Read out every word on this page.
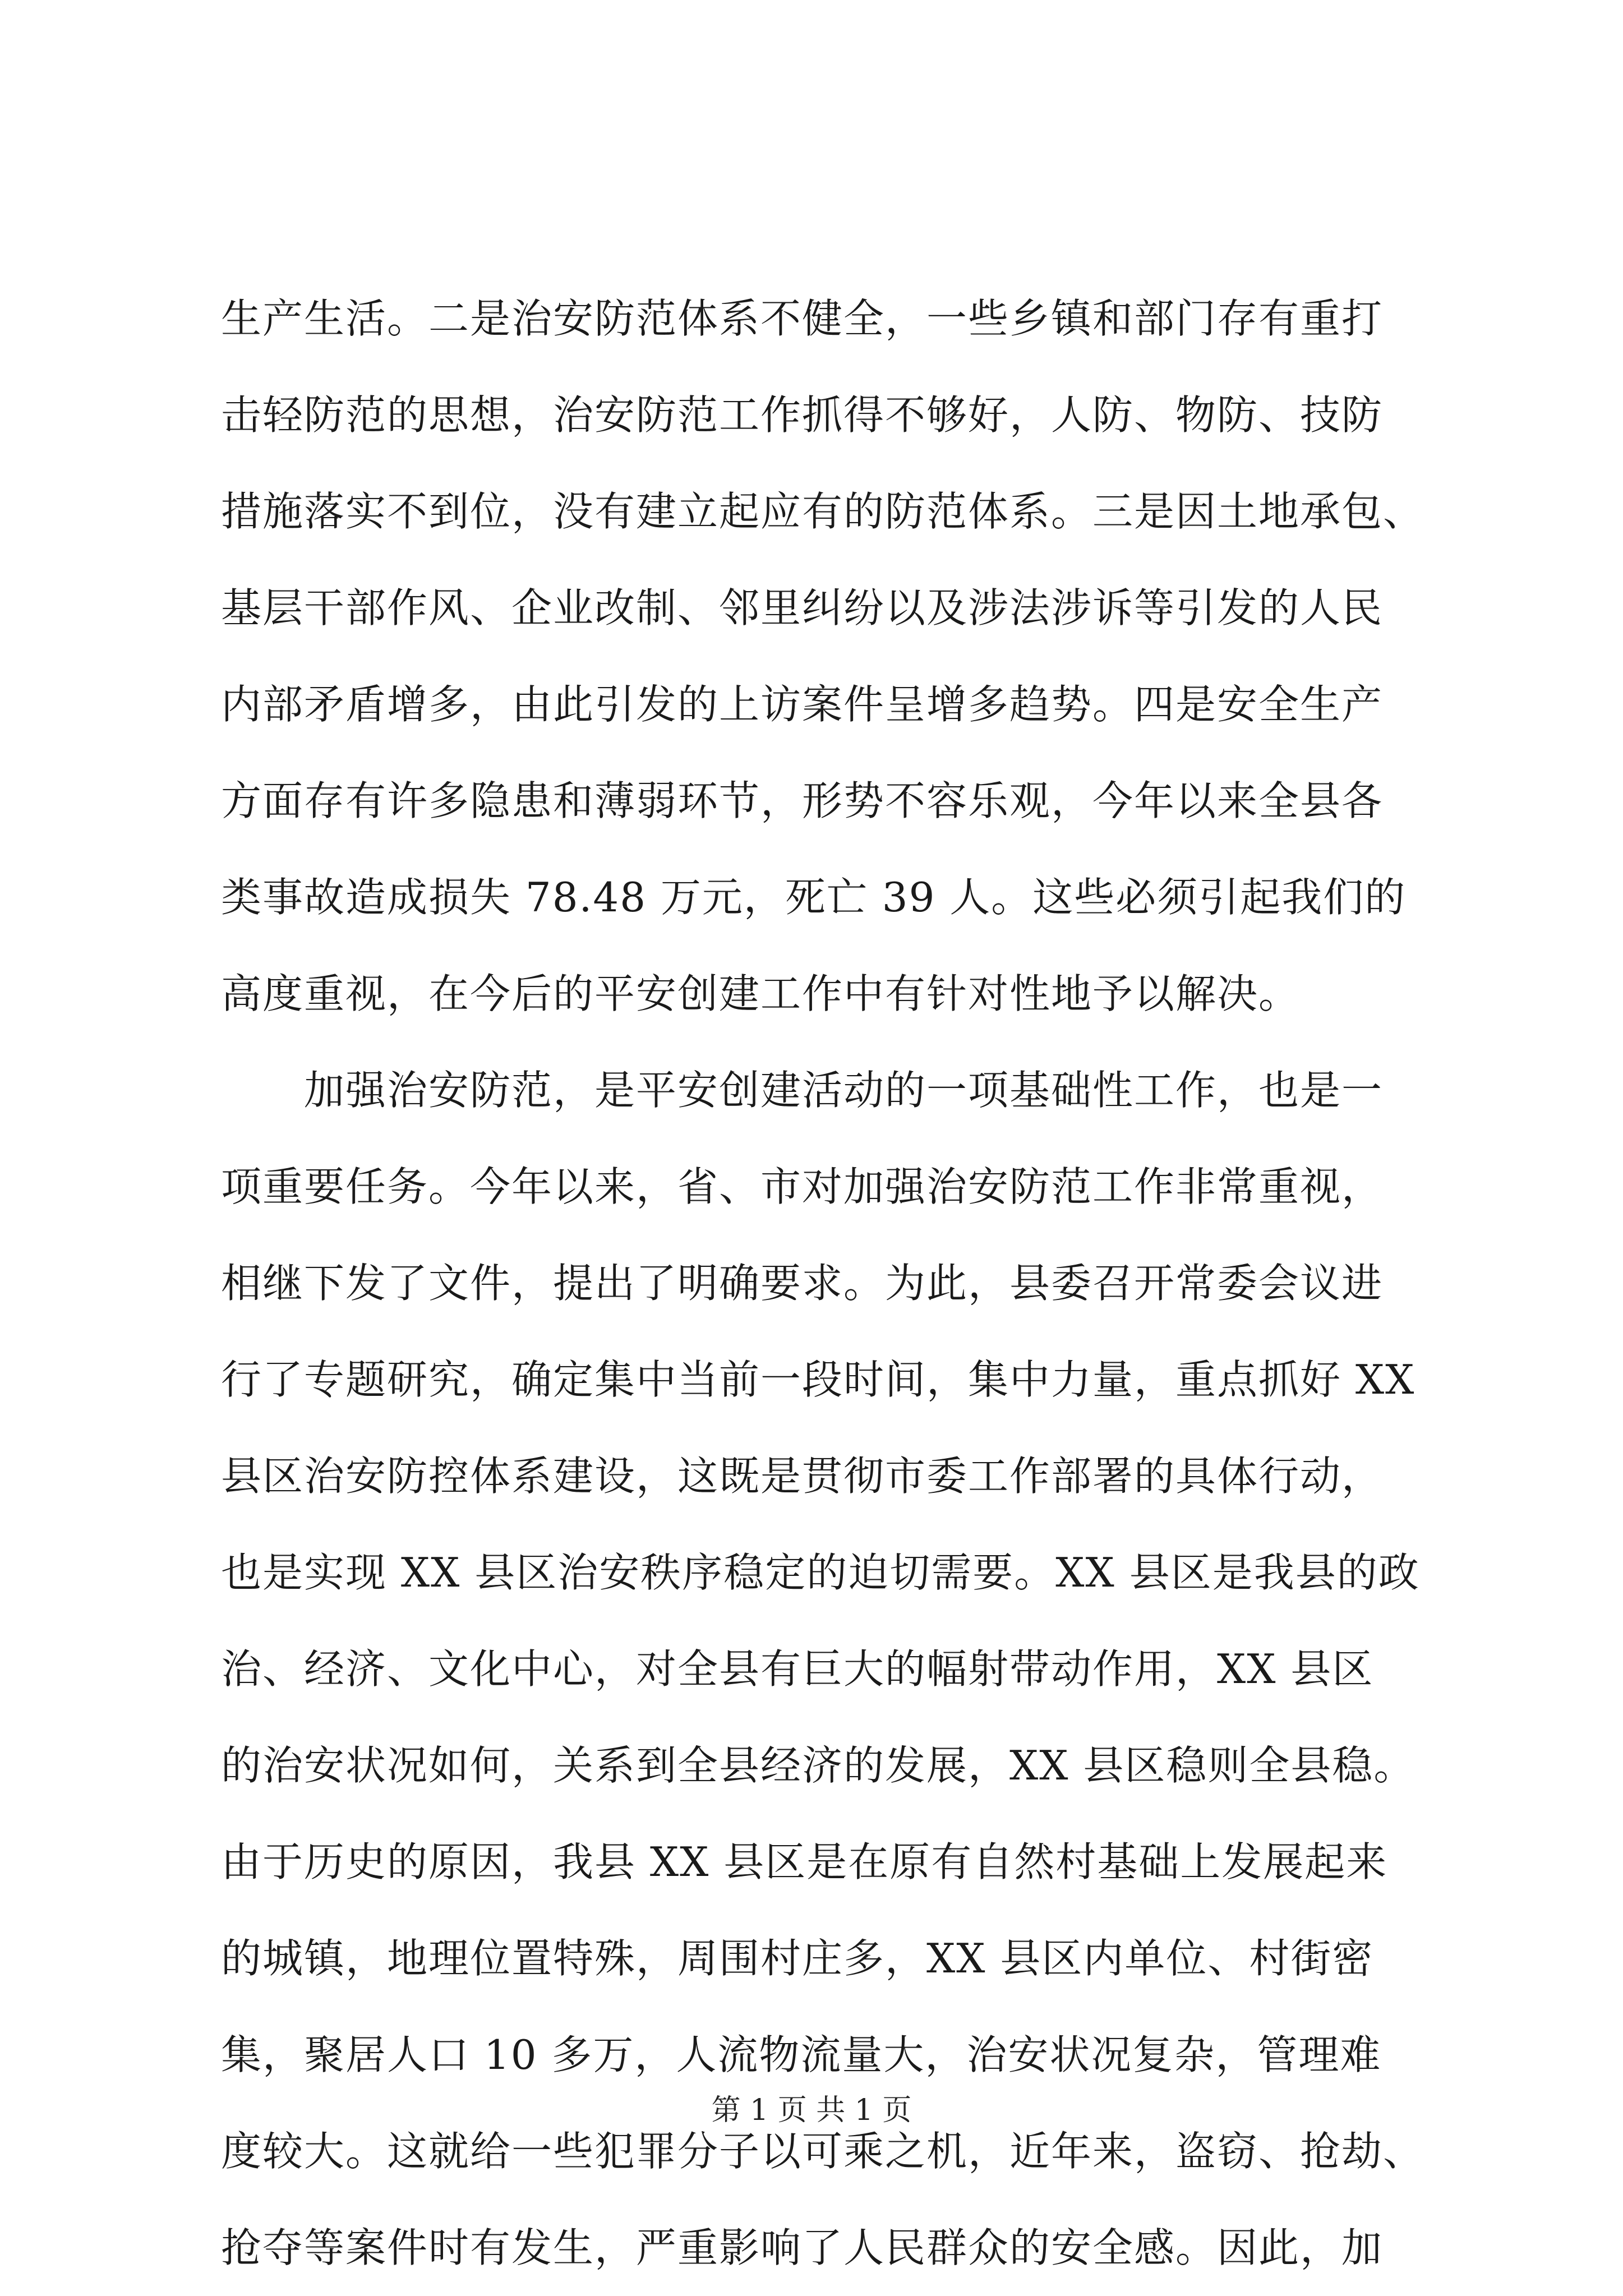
生产生活。二是治安防范体系不健全，一些乡镇和部门存有重打
击轻防范的思想，治安防范工作抓得不够好，人防、物防、技防
措施落实不到位，没有建立起应有的防范体系。三是因土地承包、
基层干部作风、企业改制、邻里纠纷以及涉法涉诉等引发的人民
内部矛盾增多，由此引发的上访案件呈增多趋势。四是安全生产
方面存有许多隐患和薄弱环节，形势不容乐观，今年以来全县各
类事故造成损失 78.48 万元，死亡 39 人。这些必须引起我们的
高度重视，在今后的平安创建工作中有针对性地予以解决。
　　加强治安防范，是平安创建活动的一项基础性工作，也是一
项重要任务。今年以来，省、市对加强治安防范工作非常重视，
相继下发了文件，提出了明确要求。为此，县委召开常委会议进
行了专题研究，确定集中当前一段时间，集中力量，重点抓好 XX
县区治安防控体系建设，这既是贯彻市委工作部署的具体行动，
也是实现 XX 县区治安秩序稳定的迫切需要。XX 县区是我县的政
治、经济、文化中心，对全县有巨大的幅射带动作用，XX 县区
的治安状况如何，关系到全县经济的发展，XX 县区稳则全县稳。
由于历史的原因，我县 XX 县区是在原有自然村基础上发展起来
的城镇，地理位置特殊，周围村庄多，XX 县区内单位、村街密
集，聚居人口 10 多万，人流物流量大，治安状况复杂，管理难
度较大。这就给一些犯罪分子以可乘之机，近年来，盗窃、抢劫、
抢夺等案件时有发生，严重影响了人民群众的安全感。因此，加
第 1 页 共 1 页
